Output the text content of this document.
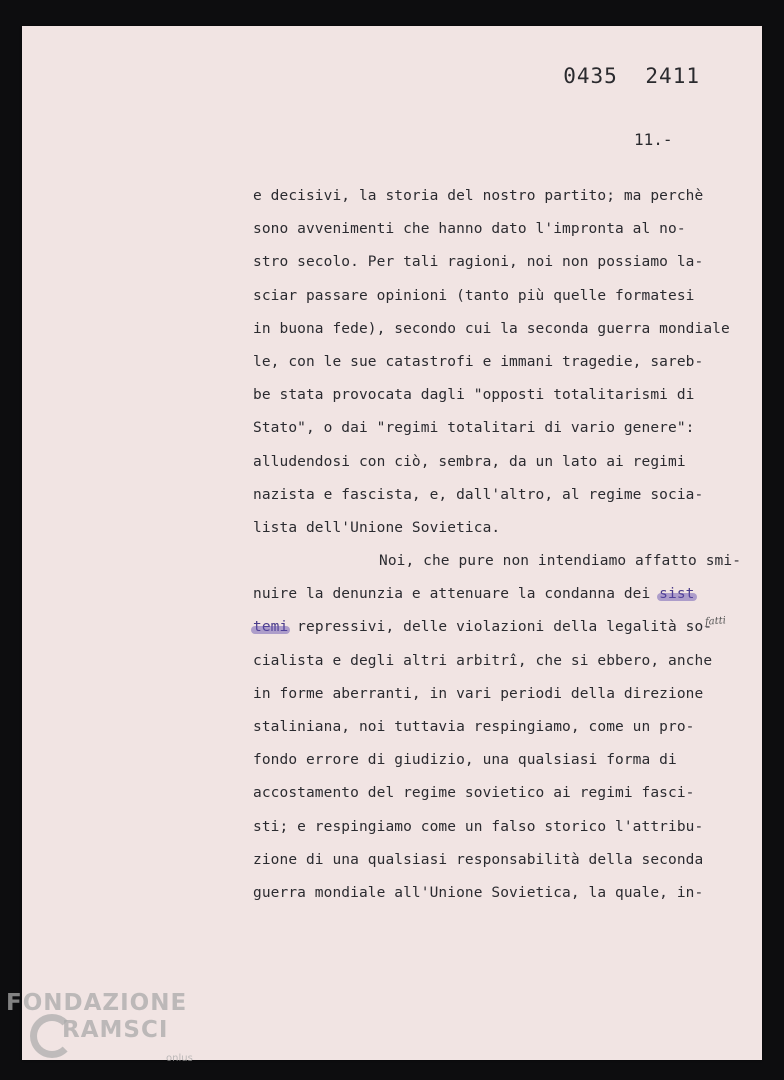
0435 2411
11.-
e decisivi, la storia del nostro partito; ma perchè
sono avvenimenti che hanno dato l'impronta al no-
stro secolo. Per tali ragioni, noi non possiamo la-
sciar passare opinioni (tanto più quelle formatesi
in buona fede), secondo cui la seconda guerra mondiale
le, con le sue catastrofi e immani tragedie, sareb-
be stata provocata dagli "opposti totalitarismi di
Stato", o dai "regimi totalitari di vario genere":
alludendosi con ciò, sembra, da un lato ai regimi
nazista e fascista, e, dall'altro, al regime socia-
lista dell'Unione Sovietica.
Noi, che pure non intendiamo affatto smi-
nuire la denunzia e attenuare la condanna dei sist
temi repressivi, delle violazioni della legalità so-
cialista e degli altri arbitrî, che si ebbero, anche
in forme aberranti, in vari periodi della direzione
staliniana, noi tuttavia respingiamo, come un pro-
fondo errore di giudizio, una qualsiasi forma di
accostamento del regime sovietico ai regimi fasci-
sti; e respingiamo come un falso storico l'attribu-
zione di una qualsiasi responsabilità della seconda
guerra mondiale all'Unione Sovietica, la quale, in-
fatti
FONDAZIONE
RAMSCI
onlus
